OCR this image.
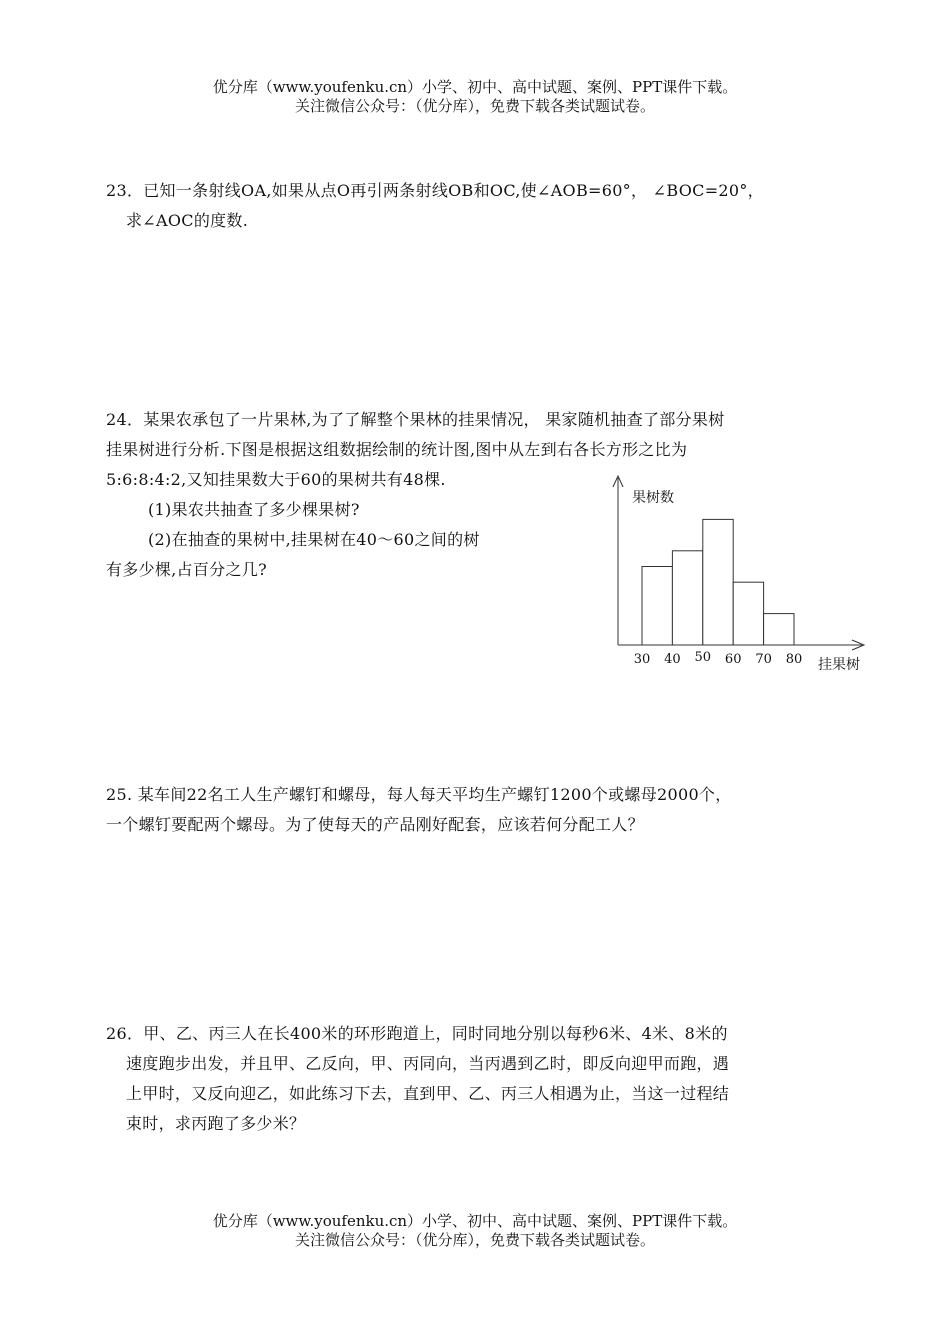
优分库（www.youfenku.cn）小学、初中、高中试题、案例、PPT课件下载。
关注微信公众号：（优分库），免费下载各类试题试卷。

23．已知一条射线OA,如果从点O再引两条射线OB和OC,使∠AOB=60°， ∠BOC=20°，

求∠AOC的度数.

24．某果农承包了一片果林,为了了解整个果林的挂果情况， 果家随机抽查了部分果树

挂果树进行分析.下图是根据这组数据绘制的统计图,图中从左到右各长方形之比为

5:6:8:4:2,又知挂果数大于60的果树共有48棵.

(1)果农共抽查了多少棵果树?

(2)在抽查的果树中,挂果树在40～60之间的树

有多少棵,占百分之几?

果树数
挂果树
30 40 50 60 70 80

25. 某车间22名工人生产螺钉和螺母，每人每天平均生产螺钉1200个或螺母2000个，

一个螺钉要配两个螺母。为了使每天的产品刚好配套，应该若何分配工人？

26．甲、乙、丙三人在长400米的环形跑道上，同时同地分别以每秒6米、4米、8米的

速度跑步出发，并且甲、乙反向，甲、丙同向，当丙遇到乙时，即反向迎甲而跑，遇

上甲时，又反向迎乙，如此练习下去，直到甲、乙、丙三人相遇为止，当这一过程结

束时，求丙跑了多少米？

优分库（www.youfenku.cn）小学、初中、高中试题、案例、PPT课件下载。
关注微信公众号：（优分库），免费下载各类试题试卷。
